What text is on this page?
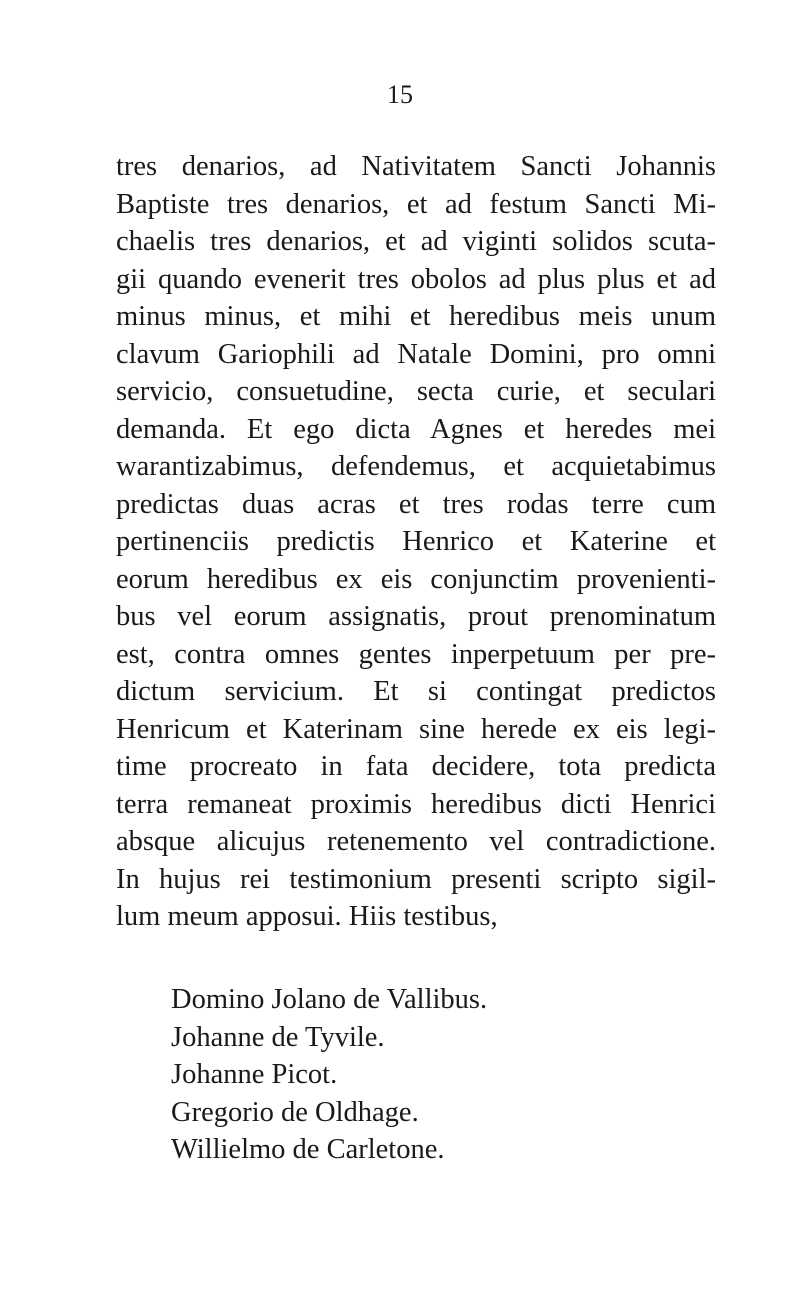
15
tres denarios, ad Nativitatem Sancti Johannis
Baptiste tres denarios, et ad festum Sancti Mi-
chaelis tres denarios, et ad viginti solidos scuta-
gii quando evenerit tres obolos ad plus plus et ad
minus minus, et mihi et heredibus meis unum
clavum Gariophili ad Natale Domini, pro omni
servicio, consuetudine, secta curie, et seculari
demanda. Et ego dicta Agnes et heredes mei
warantizabimus, defendemus, et acquietabimus
predictas duas acras et tres rodas terre cum
pertinenciis predictis Henrico et Katerine et
eorum heredibus ex eis conjunctim provenienti-
bus vel eorum assignatis, prout prenominatum
est, contra omnes gentes inperpetuum per pre-
dictum servicium. Et si contingat predictos
Henricum et Katerinam sine herede ex eis legi-
time procreato in fata decidere, tota predicta
terra remaneat proximis heredibus dicti Henrici
absque alicujus retenemento vel contradictione.
In hujus rei testimonium presenti scripto sigil-
lum meum apposui. Hiis testibus,
Domino Jolano de Vallibus.
Johanne de Tyvile.
Johanne Picot.
Gregorio de Oldhage.
Willielmo de Carletone.
